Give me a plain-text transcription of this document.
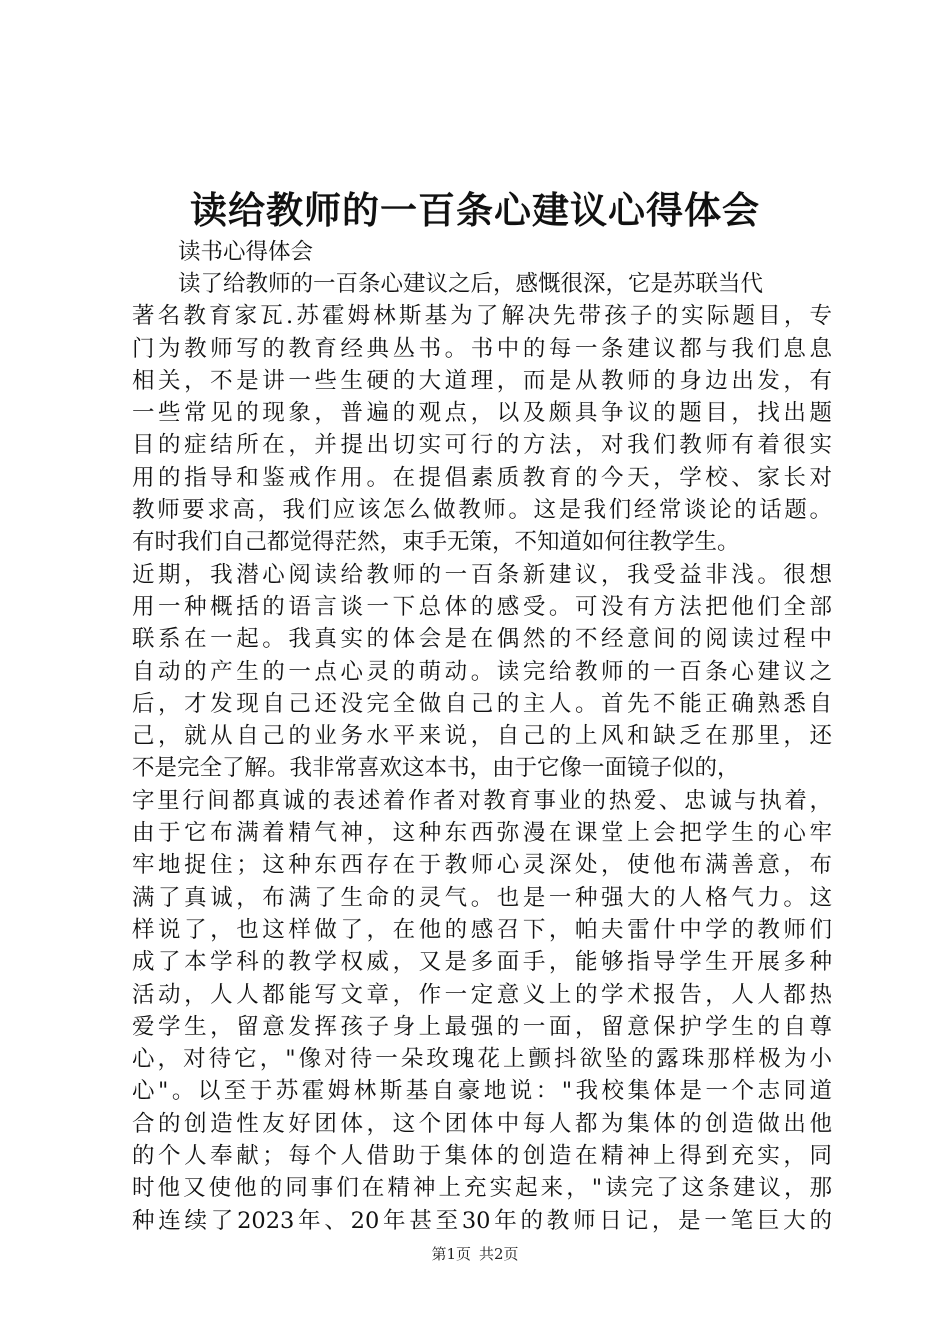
读给教师的一百条心建议心得体会

读书心得体会

读了给教师的一百条心建议之后，感慨很深，它是苏联当代
著名教育家瓦.苏霍姆林斯基为了解决先带孩子的实际题目，专
门为教师写的教育经典丛书。书中的每一条建议都与我们息息
相关，不是讲一些生硬的大道理，而是从教师的身边出发，有
一些常见的现象，普遍的观点，以及颇具争议的题目，找出题
目的症结所在，并提出切实可行的方法，对我们教师有着很实
用的指导和鉴戒作用。在提倡素质教育的今天，学校、家长对
教师要求高，我们应该怎么做教师。这是我们经常谈论的话题。
有时我们自己都觉得茫然，束手无策，不知道如何往教学生。
近期，我潜心阅读给教师的一百条新建议，我受益非浅。很想
用一种概括的语言谈一下总体的感受。可没有方法把他们全部
联系在一起。我真实的体会是在偶然的不经意间的阅读过程中
自动的产生的一点心灵的萌动。读完给教师的一百条心建议之
后，才发现自己还没完全做自己的主人。首先不能正确熟悉自
己，就从自己的业务水平来说，自己的上风和缺乏在那里，还
不是完全了解。我非常喜欢这本书，由于它像一面镜子似的，
字里行间都真诚的表述着作者对教育事业的热爱、忠诚与执着，
由于它布满着精气神，这种东西弥漫在课堂上会把学生的心牢
牢地捉住；这种东西存在于教师心灵深处，使他布满善意，布
满了真诚，布满了生命的灵气。也是一种强大的人格气力。这
样说了，也这样做了，在他的感召下，帕夫雷什中学的教师们
成了本学科的教学权威，又是多面手，能够指导学生开展多种
活动，人人都能写文章，作一定意义上的学术报告，人人都热
爱学生，留意发挥孩子身上最强的一面，留意保护学生的自尊
心，对待它，"像对待一朵玫瑰花上颤抖欲坠的露珠那样极为小
心"。以至于苏霍姆林斯基自豪地说："我校集体是一个志同道
合的创造性友好团体，这个团体中每人都为集体的创造做出他
的个人奉献；每个人借助于集体的创造在精神上得到充实，同
时他又使他的同事们在精神上充实起来，"读完了这条建议，那
种连续了2023年、20年甚至30年的教师日记，是一笔巨大的
第1页 共2页
